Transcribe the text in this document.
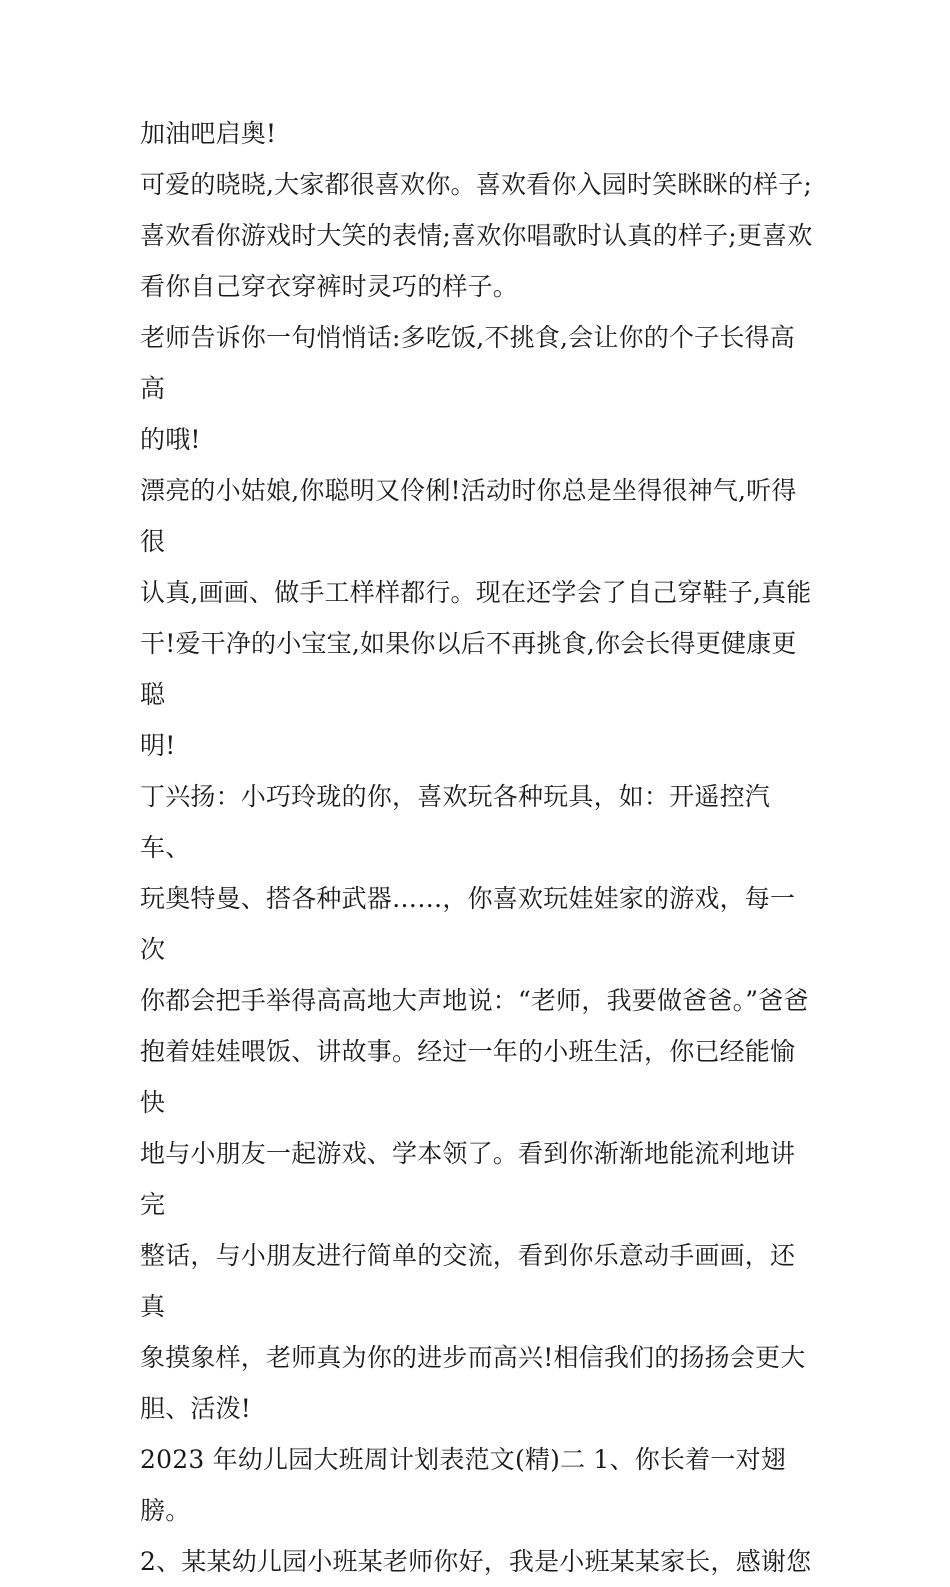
加油吧启奥!

可爱的晓晓,大家都很喜欢你。喜欢看你入园时笑眯眯的样子;
喜欢看你游戏时大笑的表情;喜欢你唱歌时认真的样子;更喜欢
看你自己穿衣穿裤时灵巧的样子。

老师告诉你一句悄悄话:多吃饭,不挑食,会让你的个子长得高高
的哦!

漂亮的小姑娘,你聪明又伶俐!活动时你总是坐得很神气,听得很
认真,画画、做手工样样都行。现在还学会了自己穿鞋子,真能
干!爱干净的小宝宝,如果你以后不再挑食,你会长得更健康更聪
明!

丁兴扬：小巧玲珑的你，喜欢玩各种玩具，如：开遥控汽车、
玩奥特曼、搭各种武器……，你喜欢玩娃娃家的游戏，每一次
你都会把手举得高高地大声地说：“老师，我要做爸爸。”爸爸
抱着娃娃喂饭、讲故事。经过一年的小班生活，你已经能愉快
地与小朋友一起游戏、学本领了。看到你渐渐地能流利地讲完
整话，与小朋友进行简单的交流，看到你乐意动手画画，还真
象摸象样，老师真为你的进步而高兴!相信我们的扬扬会更大
胆、活泼!

2023 年幼儿园大班周计划表范文(精)二 1、你长着一对翅膀。

2、某某幼儿园小班某老师你好，我是小班某某家长，感谢您
